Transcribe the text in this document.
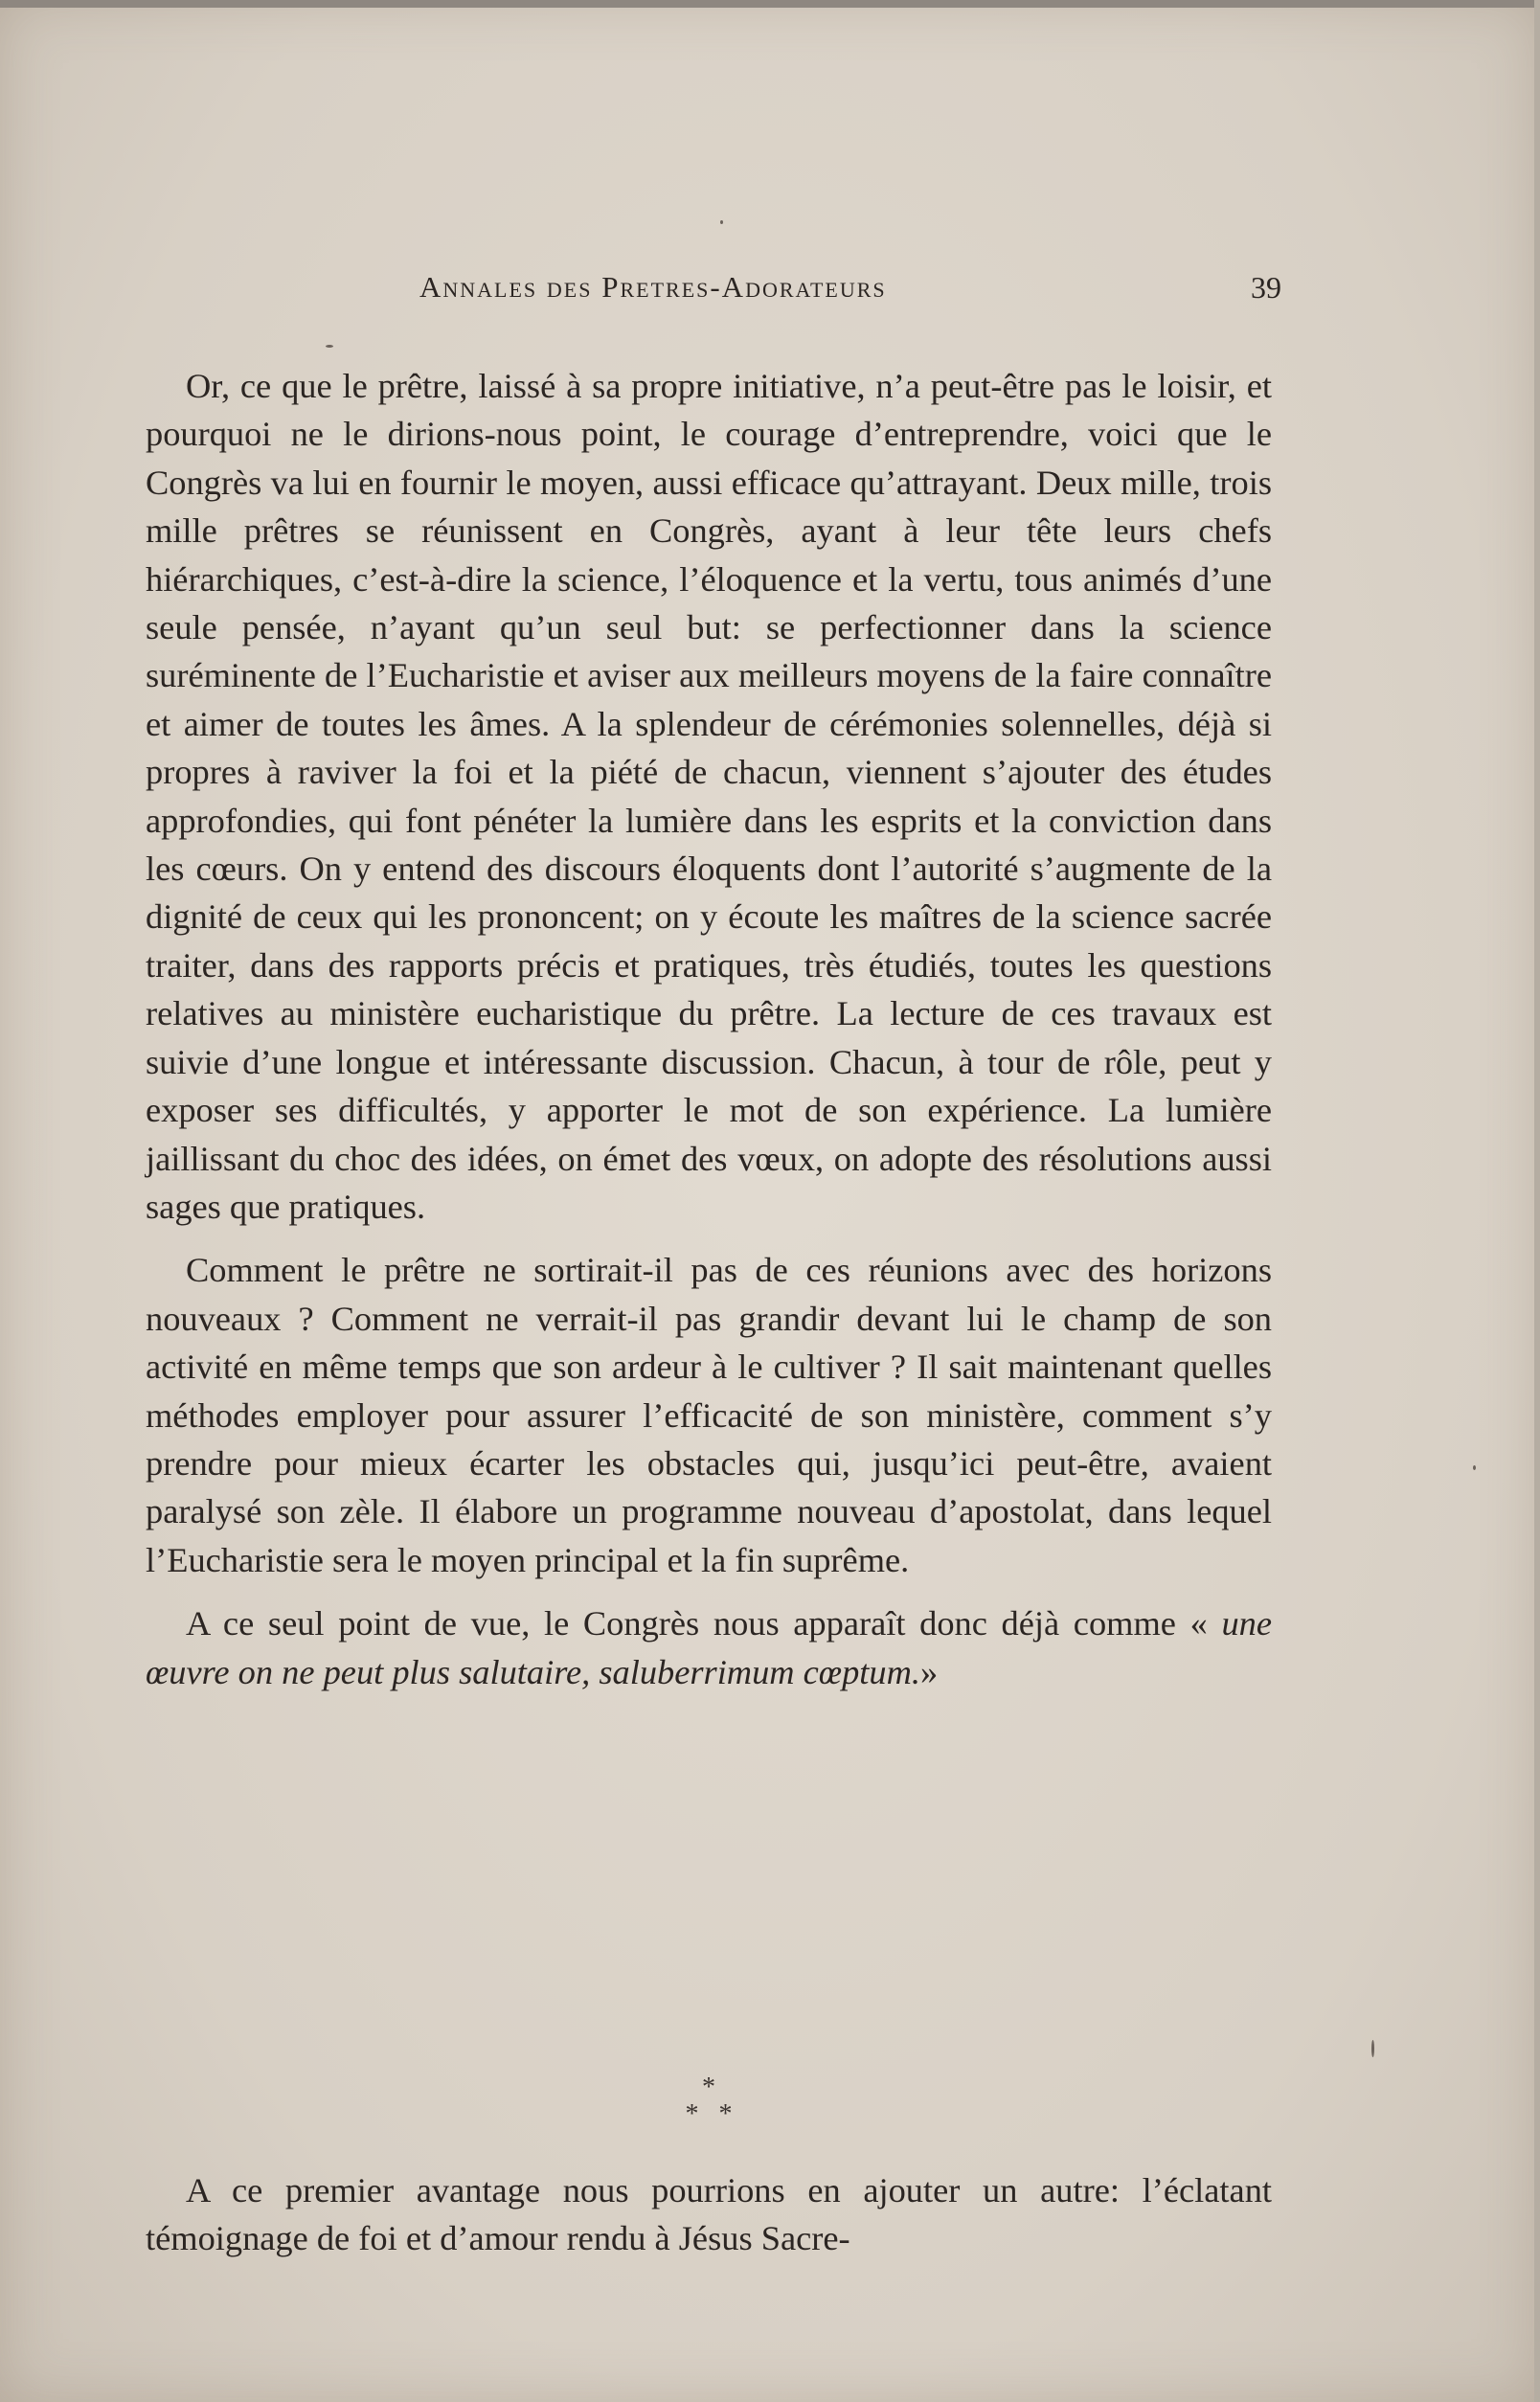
Annales des Pretres-Adorateurs	39

Or, ce que le prêtre, laissé à sa propre initiative, n’a peut-être pas le loisir, et pourquoi ne le dirions-nous point, le courage d’entreprendre, voici que le Congrès va lui en fournir le moyen, aussi efficace qu’attrayant. Deux mille, trois mille prêtres se réunissent en Congrès, ayant à leur tête leurs chefs hiérarchiques, c’est-à-dire la science, l’éloquence et la vertu, tous animés d’une seule pensée, n’ayant qu’un seul but: se perfectionner dans la science suréminente de l’Eucharistie et aviser aux meilleurs moyens de la faire connaître et aimer de toutes les âmes. A la splendeur de cérémonies solennelles, déjà si propres à raviver la foi et la piété de chacun, viennent s’ajouter des études approfondies, qui font pénéter la lumière dans les esprits et la conviction dans les cœurs. On y entend des discours éloquents dont l’autorité s’augmente de la dignité de ceux qui les prononcent; on y écoute les maîtres de la science sacrée traiter, dans des rapports précis et pratiques, très étudiés, toutes les questions relatives au ministère eucharistique du prêtre. La lecture de ces travaux est suivie d’une longue et intéressante discussion. Chacun, à tour de rôle, peut y exposer ses difficultés, y apporter le mot de son expérience. La lumière jaillissant du choc des idées, on émet des vœux, on adopte des résolutions aussi sages que pratiques.

Comment le prêtre ne sortirait-il pas de ces réunions avec des horizons nouveaux ? Comment ne verrait-il pas grandir devant lui le champ de son activité en même temps que son ardeur à le cultiver ? Il sait maintenant quelles méthodes employer pour assurer l’efficacité de son ministère, comment s’y prendre pour mieux écarter les obstacles qui, jusqu’ici peut-être, avaient paralysé son zèle. Il élabore un programme nouveau d’apostolat, dans lequel l’Eucharistie sera le moyen principal et la fin suprême.

A ce seul point de vue, le Congrès nous apparaît donc déjà comme « une œuvre on ne peut plus salutaire, saluberrimum cœptum.»

*
*   *

A ce premier avantage nous pourrions en ajouter un autre: l’éclatant témoignage de foi et d’amour rendu à Jésus Sacre-
